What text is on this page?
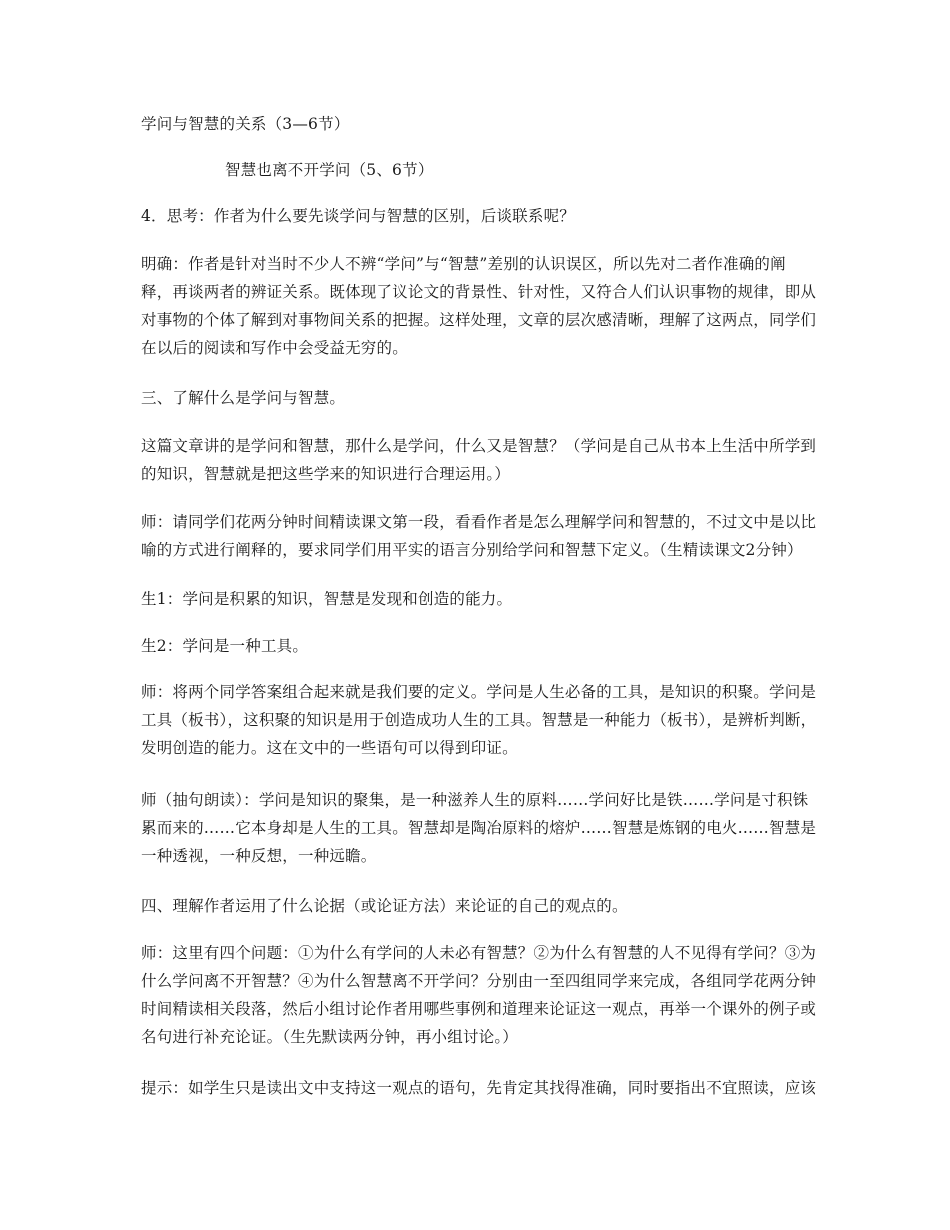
学问与智慧的关系（3—6节）

智慧也离不开学问（5、6节）

4．思考：作者为什么要先谈学问与智慧的区别，后谈联系呢？

明确：作者是针对当时不少人不辨“学问”与“智慧”差别的认识误区，所以先对二者作准确的阐
释，再谈两者的辨证关系。既体现了议论文的背景性、针对性，又符合人们认识事物的规律，即从
对事物的个体了解到对事物间关系的把握。这样处理，文章的层次感清晰，理解了这两点，同学们
在以后的阅读和写作中会受益无穷的。

三、了解什么是学问与智慧。

这篇文章讲的是学问和智慧，那什么是学问，什么又是智慧？（学问是自己从书本上生活中所学到
的知识，智慧就是把这些学来的知识进行合理运用。）

师：请同学们花两分钟时间精读课文第一段，看看作者是怎么理解学问和智慧的，不过文中是以比
喻的方式进行阐释的，要求同学们用平实的语言分别给学问和智慧下定义。（生精读课文2分钟）

生1：学问是积累的知识，智慧是发现和创造的能力。

生2：学问是一种工具。

师：将两个同学答案组合起来就是我们要的定义。学问是人生必备的工具，是知识的积聚。学问是
工具（板书），这积聚的知识是用于创造成功人生的工具。智慧是一种能力（板书），是辨析判断，
发明创造的能力。这在文中的一些语句可以得到印证。

师（抽句朗读）：学问是知识的聚集，是一种滋养人生的原料……学问好比是铁……学问是寸积铢
累而来的……它本身却是人生的工具。智慧却是陶冶原料的熔炉……智慧是炼钢的电火……智慧是
一种透视，一种反想，一种远瞻。

四、理解作者运用了什么论据（或论证方法）来论证的自己的观点的。

师：这里有四个问题：①为什么有学问的人未必有智慧？②为什么有智慧的人不见得有学问？③为
什么学问离不开智慧？④为什么智慧离不开学问？分别由一至四组同学来完成，各组同学花两分钟
时间精读相关段落，然后小组讨论作者用哪些事例和道理来论证这一观点，再举一个课外的例子或
名句进行补充论证。（生先默读两分钟，再小组讨论。）

提示：如学生只是读出文中支持这一观点的语句，先肯定其找得准确，同时要指出不宜照读，应该
